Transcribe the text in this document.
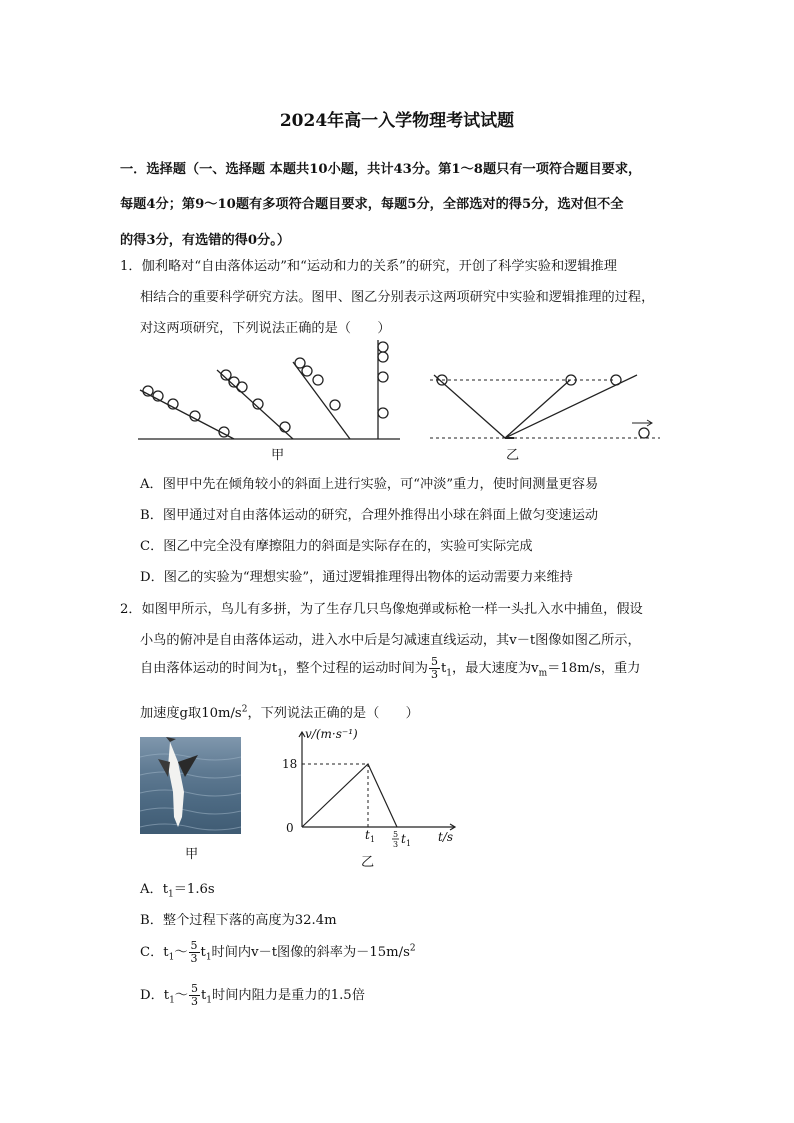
2024年高一入学物理考试试题
一．选择题（一、选择题 本题共10小题，共计43分。第1～8题只有一项符合题目要求，
每题4分；第9～10题有多项符合题目要求，每题5分，全部选对的得5分，选对但不全
的得3分，有选错的得0分。）
1．伽利略对“自由落体运动”和“运动和力的关系”的研究，开创了科学实验和逻辑推理
相结合的重要科学研究方法。图甲、图乙分别表示这两项研究中实验和逻辑推理的过程，
对这两项研究，下列说法正确的是（　　）
甲	乙
A．图甲中先在倾角较小的斜面上进行实验，可“冲淡”重力，使时间测量更容易
B．图甲通过对自由落体运动的研究，合理外推得出小球在斜面上做匀变速运动
C．图乙中完全没有摩擦阻力的斜面是实际存在的，实验可实际完成
D．图乙的实验为“理想实验”，通过逻辑推理得出物体的运动需要力来维持
2．如图甲所示，鸟儿有多拼，为了生存几只鸟像炮弹或标枪一样一头扎入水中捕鱼，假设
小鸟的俯冲是自由落体运动，进入水中后是匀减速直线运动，其v－t图像如图乙所示，
自由落体运动的时间为$t_1$，整个过程的运动时间为 $\frac{5}{3} t_1$，最大速度为$v_m=18m/s$，重力
加速度g取$10m/s^2$，下列说法正确的是（　　）
甲
v/(m·s⁻¹)
t/s
0
18
t 1
5
3 t 1
乙
A．$t_1=1.6s$
B．整个过程下落的高度为32.4m
C．$t_1\sim \frac{5}{3} t_1$时间内v－t图像的斜率为$-15m/s^2$
D．$t_1\sim \frac{5}{3} t_1$时间内阻力是重力的1.5倍
